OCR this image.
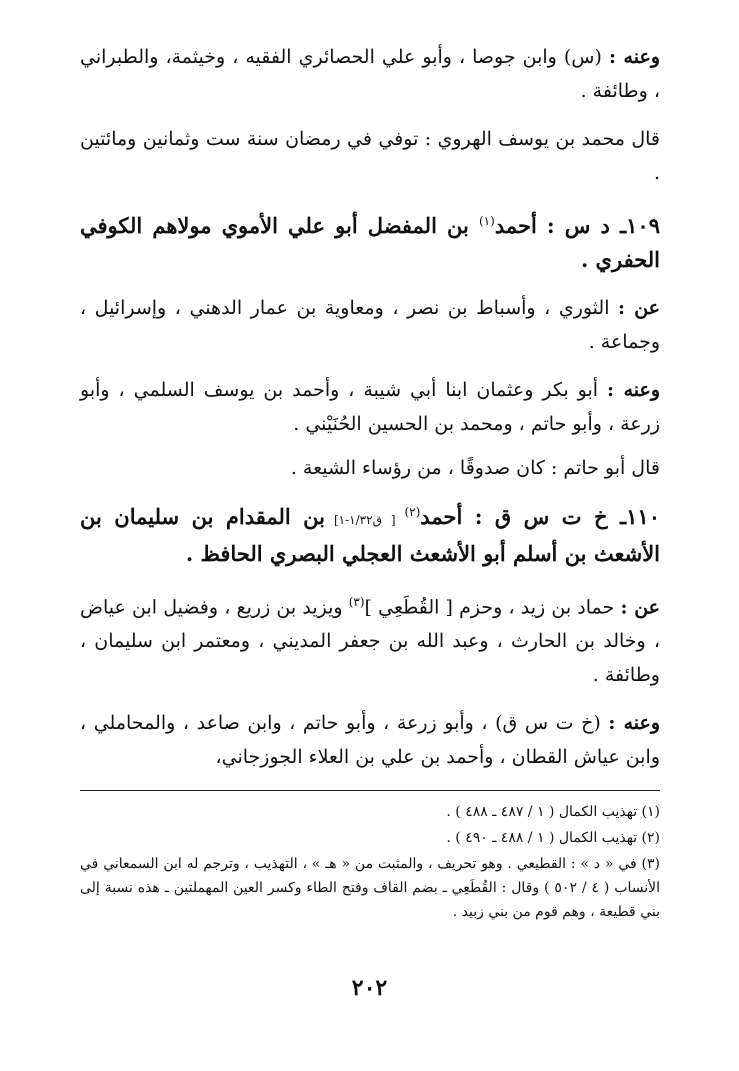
وعنه : (س) وابن جوصا ، وأبو علي الحصائري الفقيه ، وخيثمة، والطبراني ، وطائفة .

قال محمد بن يوسف الهروي : توفي في رمضان سنة ست وثمانين ومائتين .

١٠٩ـ د س : أحمد$^{(١)}$ بن المفضل أبو علي الأموي مولاهم الكوفي الحفري .

عن : الثوري ، وأسباط بن نصر ، ومعاوية بن عمار الدهني ، وإسرائيل ، وجماعة .

وعنه : أبو بكر وعثمان ابنا أبي شيبة ، وأحمد بن يوسف السلمي ، وأبو زرعة ، وأبو حاتم ، ومحمد بن الحسين الحُنَيْني .

قال أبو حاتم : كان صدوقًا ، من رؤساء الشيعة .

١١٠ـ خ ت س ق : أحمد$^{(٢)}$ [ ق١/٣٢-١] بن المقدام بن سليمان بن الأشعث بن أسلم أبو الأشعث العجلي البصري الحافظ .

عن : حماد بن زيد ، وحزم [ القُطَعِي ]$^{(٣)}$ ويزيد بن زريع ، وفضيل ابن عياض ، وخالد بن الحارث ، وعبد الله بن جعفر المديني ، ومعتمر ابن سليمان ، وطائفة .

وعنه : (خ ت س ق) ، وأبو زرعة ، وأبو حاتم ، وابن صاعد ، والمحاملي ، وابن عياش القطان ، وأحمد بن علي بن العلاء الجوزجاني،

(١) تهذيب الكمال ( ١ / ٤٨٧ ـ ٤٨٨ ) .

(٢) تهذيب الكمال ( ١ / ٤٨٨ ـ ٤٩٠ ) .

(٣) في « د » : القطيعي . وهو تحريف ، والمثبت من « هـ » ، التهذيب ، وترجم له ابن السمعاني في الأنساب ( ٤ / ٥٠٢ ) وقال : القُطَعِي ـ بضم القاف وفتح الطاء وكسر العين المهملتين ـ هذه نسبة إلى بني قطيعة ، وهم قوم من بني زبيد .

٢٠٢
